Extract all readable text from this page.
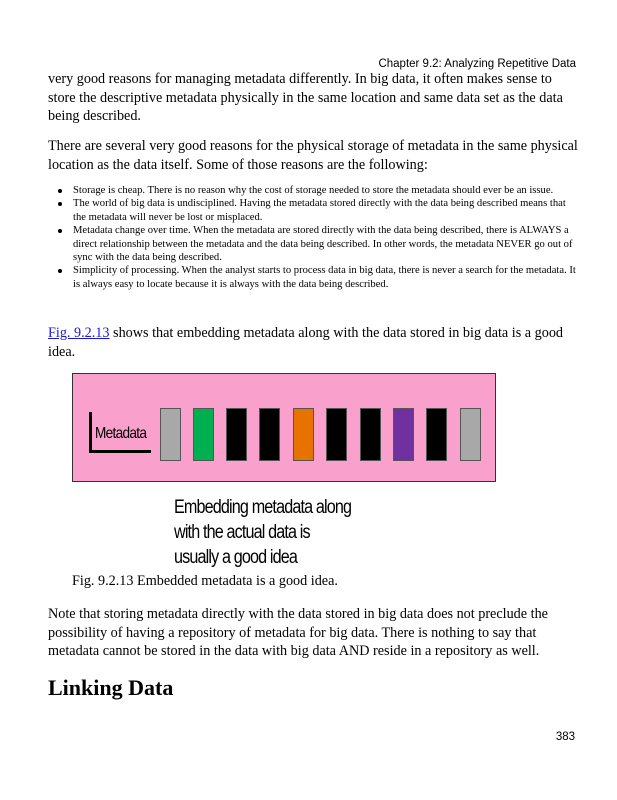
Chapter 9.2: Analyzing Repetitive Data

very good reasons for managing metadata differently. In big data, it often makes sense to store the descriptive metadata physically in the same location and same data set as the data being described.

There are several very good reasons for the physical storage of metadata in the same physical location as the data itself. Some of those reasons are the following:

Storage is cheap. There is no reason why the cost of storage needed to store the metadata should ever be an issue.
The world of big data is undisciplined. Having the metadata stored directly with the data being described means that the metadata will never be lost or misplaced.
Metadata change over time. When the metadata are stored directly with the data being described, there is ALWAYS a direct relationship between the metadata and the data being described. In other words, the metadata NEVER go out of sync with the data being described.
Simplicity of processing. When the analyst starts to process data in big data, there is never a search for the metadata. It is always easy to locate because it is always with the data being described.

Fig. 9.2.13 shows that embedding metadata along with the data stored in big data is a good idea.

Metadata
Embedding metadata along
with the actual data is
usually a good idea
Fig. 9.2.13 Embedded metadata is a good idea.

Note that storing metadata directly with the data stored in big data does not preclude the possibility of having a repository of metadata for big data. There is nothing to say that metadata cannot be stored in the data with big data AND reside in a repository as well.

Linking Data
383
